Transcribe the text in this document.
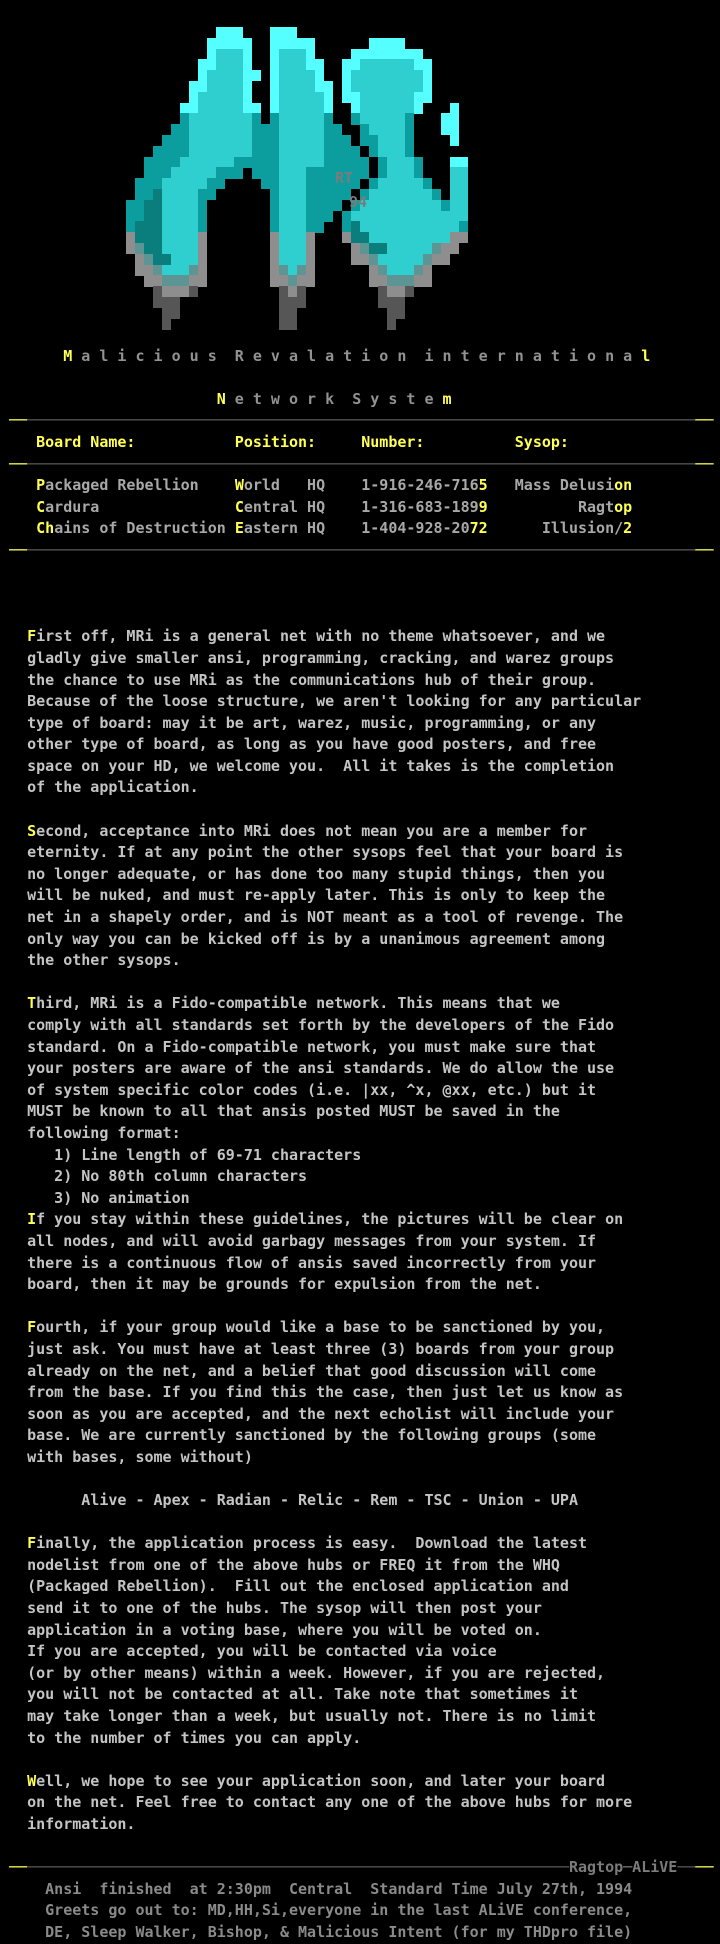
RT
94
M a l i c i o u s  R e v a l a t i o n  i n t e r n a t i o n a l
N e t w o r k  S y s t e m
──────────────────────────────────────────────────────────────────────────────
Board Name:           Position:     Number:          Sysop:
──────────────────────────────────────────────────────────────────────────────
Packaged Rebellion    World   HQ    1-916-246-7165   Mass Delusion
Cardura               Central HQ    1-316-683-1899          Ragtop
Chains of Destruction Eastern HQ    1-404-928-2072      Illusion/2
──────────────────────────────────────────────────────────────────────────────
First off, MRi is a general net with no theme whatsoever, and we
gladly give smaller ansi, programming, cracking, and warez groups
the chance to use MRi as the communications hub of their group.
Because of the loose structure, we aren't looking for any particular
type of board: may it be art, warez, music, programming, or any
other type of board, as long as you have good posters, and free
space on your HD, we welcome you.  All it takes is the completion
of the application.
Second, acceptance into MRi does not mean you are a member for
eternity. If at any point the other sysops feel that your board is
no longer adequate, or has done too many stupid things, then you
will be nuked, and must re-apply later. This is only to keep the
net in a shapely order, and is NOT meant as a tool of revenge. The
only way you can be kicked off is by a unanimous agreement among
the other sysops.
Third, MRi is a Fido-compatible network. This means that we
comply with all standards set forth by the developers of the Fido
standard. On a Fido-compatible network, you must make sure that
your posters are aware of the ansi standards. We do allow the use
of system specific color codes (i.e. |xx, ^x, @xx, etc.) but it
MUST be known to all that ansis posted MUST be saved in the
following format:
1) Line length of 69-71 characters
2) No 80th column characters
3) No animation
If you stay within these guidelines, the pictures will be clear on
all nodes, and will avoid garbagy messages from your system. If
there is a continuous flow of ansis saved incorrectly from your
board, then it may be grounds for expulsion from the net.
Fourth, if your group would like a base to be sanctioned by you,
just ask. You must have at least three (3) boards from your group
already on the net, and a belief that good discussion will come
from the base. If you find this the case, then just let us know as
soon as you are accepted, and the next echolist will include your
base. We are currently sanctioned by the following groups (some
with bases, some without)
Alive - Apex - Radian - Relic - Rem - TSC - Union - UPA
Finally, the application process is easy.  Download the latest
nodelist from one of the above hubs or FREQ it from the WHQ
(Packaged Rebellion).  Fill out the enclosed application and
send it to one of the hubs. The sysop will then post your
application in a voting base, where you will be voted on.
If you are accepted, you will be contacted via voice
(or by other means) within a week. However, if you are rejected,
you will not be contacted at all. Take note that sometimes it
may take longer than a week, but usually not. There is no limit
to the number of times you can apply.
Well, we hope to see your application soon, and later your board
on the net. Feel free to contact any one of the above hubs for more
information.
──────────────────────────────────────────────────────────────Ragtop─ALiVE────
Ansi  finished  at 2:30pm  Central  Standard Time July 27th, 1994
Greets go out to: MD,HH,Si,everyone in the last ALiVE conference,
DE, Sleep Walker, Bishop, & Malicious Intent (for my THDpro file)
